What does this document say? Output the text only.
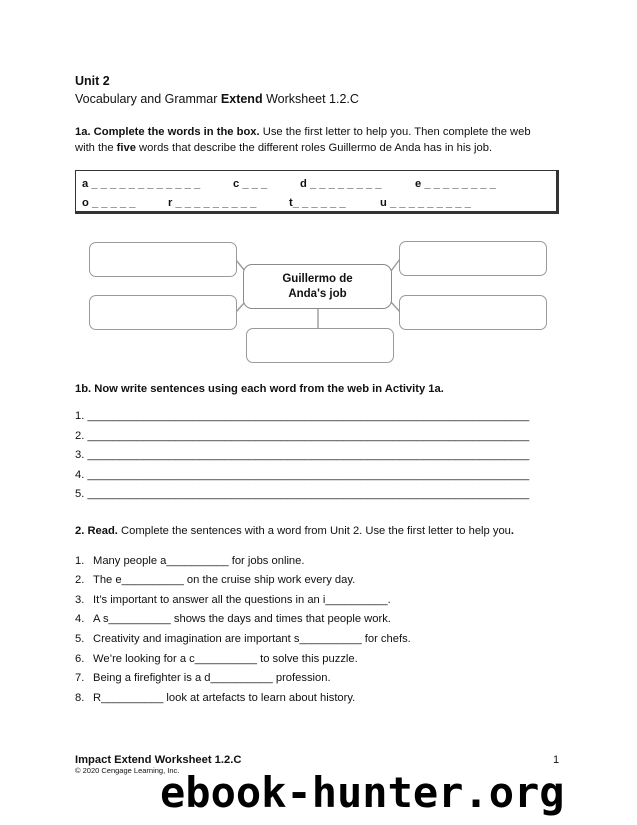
Unit 2
Vocabulary and Grammar Extend Worksheet 1.2.C
1a. Complete the words in the box. Use the first letter to help you. Then complete the web
with the five words that describe the different roles Guillermo de Anda has in his job.
a _ _ _ _ _ _ _ _ _ _ _ _	c _ _ _	d _ _ _ _ _ _ _ _	e _ _ _ _ _ _ _ _
o _ _ _ _ _	r _ _ _ _ _ _ _ _ _	t_ _ _ _ _ _	u _ _ _ _ _ _ _ _ _
Guillermo de
Anda's job
1b. Now write sentences using each word from the web in Activity 1a.
1. _______________________________________________________________________
2. _______________________________________________________________________
3. _______________________________________________________________________
4. _______________________________________________________________________
5. _______________________________________________________________________
2. Read. Complete the sentences with a word from Unit 2. Use the first letter to help you.
1. Many people a__________ for jobs online.
2. The e__________ on the cruise ship work every day.
3. It’s important to answer all the questions in an i__________.
4. A s__________ shows the days and times that people work.
5. Creativity and imagination are important s__________ for chefs.
6. We’re looking for a c__________ to solve this puzzle.
7. Being a firefighter is a d__________ profession.
8. R__________ look at artefacts to learn about history.
Impact Extend Worksheet 1.2.C
© 2020 Cengage Learning, Inc.
1
ebook-hunter.org
